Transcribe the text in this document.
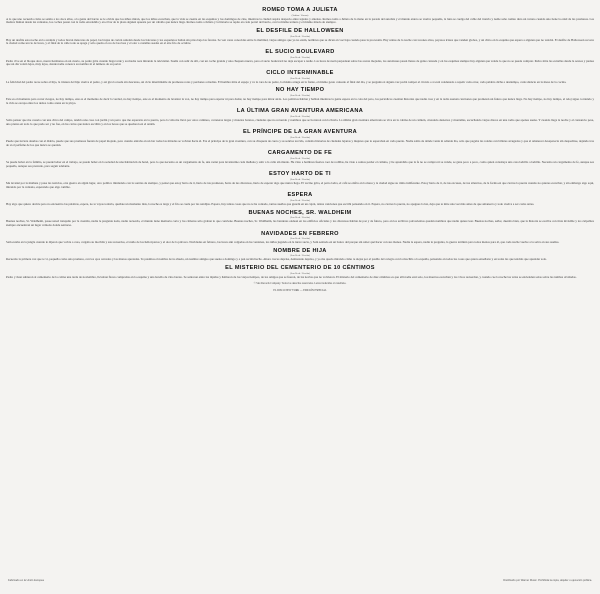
ROMEO TOMA A JULIETA
(Sabina / Varona)
A lo que uno recuerda cómo se sentía a los doce años, a la gente del barrio se le olvida que los niños miran, que los niños escuchan, que la vida se cuenta en las esquinas y los domingos de cine, mientras la ciudad respira despacio entre tejados y antenas. Romeo toma a Julieta de la mano en la parada del autobús y el mundo entero se vuelve pequeño, la luna se cuelga del cable del tranvía y nadie sabe cuánto dura un verano cuando uno tiene la edad de las promesas. Las madres llaman desde las ventanas, los coches pasan con la radio encendida y en el bar de la plaza alguien apuesta por un caballo que nunca llega. Romeo toma a Julieta y la historia se repite en cada portal del barrio, con la misma ternura y el mismo miedo de siempre.
EL DESFILE DE HALLOWEEN
(Lou Reed / Versión)
Hay un desfile esta noche en la avenida y todos llevan máscaras de papel, las brujas de cartón saludan desde los balcones y los esqueletos bailan sin prisa bajo las farolas. Se ven caras conocidas entre la multitud, viejos amigos que ya no están, nombres que se dicen en voz baja cuando pasa la procesión. Hay reinas de la noche con tacones altos, payasos tristes que venden globos, y un chico en la esquina que espera a alguien que no vendrá. El desfile de Halloween recorre la ciudad como un río de luces, y al final de la calle todo se apaga y sólo queda el eco de las risas y el olor a castañas asadas en el aire frío de octubre.
EL SUCIO BOULEVARD
(Lou Reed / Versión)
Pedro vive en el bloque doce, nueve hermanos en un cuarto, su padre grita cuando llega tarde y su madre reza mirando la televisión. Sueña con salir de allí, con un coche grande y una chaqueta nueva, pero el sucio boulevard no deja escapar a nadie. Las luces de neón parpadean sobre las aceras mojadas, los autobuses pasan llenos de gente cansada y en las esquinas siempre hay alguien que vende lo que no se puede comprar. Pedro mira las estrellas desde la azotea y piensa que un día volará lejos, muy lejos, donde nadie conozca su nombre ni el número de su portal.
CICLO INTERMINABLE
(Lou Reed / Versión)
La felicidad del padre recae sobre el hijo, la tristeza del hijo vuelve al padre, y así gira la rueda sin descanso, un ciclo interminable de promesas rotas y perdones a medias. El hombre mira el espejo y ve la cara de su padre, la misma arruga en la frente, el mismo gesto cansado al final del día, y se pregunta si alguna vez podrá romper el círculo o si está condenado a repetir cada error, cada palabra dicha a destiempo, cada silencio en la mesa de la cocina.
NO HAY TIEMPO
(Lou Reed / Versión)
Este es el momento para correr riesgos, no hay tiempo, este es el momento de decir la verdad, no hay tiempo, este es el momento de levantar la voz, no hay tiempo para esperar ni para dudar, no hay tiempo para mirar atrás. Los políticos hablan y hablan mientras la gente espera en la cola del paro, los periódicos cuentan historias que nadie cree y en la radio suenan canciones que prometen un futuro que nunca llega. No hay tiempo, no hay tiempo, el reloj sigue corriendo y la vida se escapa entre los dedos como arena en la playa.
LA ÚLTIMA GRAN AVENTURA AMERICANA
(Lou Reed / Versión)
Solía pensar que me casaría con una chica del campo, tendría una casa con jardín y un perro que me esperaría en la puerta, pero la vida me llevó por otros caminos, carreteras largas y moteles baratos, ciudades que no recuerdo y nombres que se borraron con la lluvia. La última gran aventura americana se vive en la cabina de un camión, cruzando desiertos y montañas, escuchando viejos discos en una radio que apenas suena. Y cuando llega la noche y el cansancio pesa, uno piensa en todo lo que pudo ser y no fue, en las cartas que nunca escribió y en los besos que se quedaron en el andén.
EL PRÍNCIPE DE LA GRAN AVENTURA
(Lou Reed / Versión)
Puede que tuviera deudas con el diablo, puede que sus promesas fueran de papel mojado, pero cuando entraba en un bar todas las miradas se volvían hacia él. Era el príncipe de la gran aventura, con su chaqueta de cuero y su sonrisa torcida, contaba historias de ciudades lejanas y mujeres que lo esperaban en cada puerto. Nadie sabía de dónde venía ni adónde iba, sólo que pagaba las rondas con billetes arrugados y que al amanecer desaparecía sin despedirse, dejando tras de sí el perfume de los que nunca se quedan.
CARGAMENTO DE FE
(Lou Reed / Versión)
Se puede beber en la familia, se puede beber en el trabajo, se puede beber en la soledad de una habitación de hotel, pero lo que necesito es un cargamento de fe, una razón para levantarme cada mañana y salir a la calle sin miedo. He visto a hombres fuertes caer de rodillas, he visto a santos perder el camino, y he aprendido que la fe no se compra ni se vende, se gana poco a poco, como quien construye una casa ladrillo a ladrillo. Necesito un cargamento de fe, aunque sea pequeño, aunque sea prestado, para seguir adelante.
ESTOY HARTO DE TI
(Lou Reed / Versión)
Me levanté por la mañana y puse las noticias, otra guerra en algún lugar, otro político mintiendo con la sonrisa de siempre, y pensé que estoy harto de ti, harto de tus promesas, harto de tus discursos, harto de esperar algo que nunca llega. El vecino grita, el perro ladra, el café se enfría en la mesa y la ciudad sigue su ritmo indiferente. Estoy harto de ti, de tus excusas, de tus silencios, de la forma en que cierras la puerta cuando no quieres escuchar, y sin embargo sigo aquí, mirando por la ventana, esperando que algo cambie.
ESPERA
(Lou Reed / Versión)
Hay algo que quiero decirte pero no encuentro las palabras, espera, no te vayas todavía, quédate un momento más, la noche es larga y el frío se cuela por las rendijas. Espera, hay tantas cosas que no te he contado, tantos sueños que guardé en un cajón, tantas canciones que escribí pensando en ti. Espera, no cierres la puerta, no apagues la luz, deja que te mire una vez más antes de que amanezca y todo vuelva a ser como antes.
BUENAS NOCHES, SR. WALDHEIM
(Lou Reed / Versión)
Buenas noches, Sr. Waldheim, pasee usted tranquilo por la avenida, nadie le pregunta nada, nadie recuerda, el mundo tiene memoria corta y las cámaras sólo graban lo que conviene. Buenas noches, Sr. Waldheim, las banderas ondean en los edificios oficiales y los discursos hablan de paz y de futuro, pero en los archivos polvorientos quedan nombres que nadie quiere leer. Buenas noches, señor, duerma bien, que la historia se escribe con tinta invisible y los culpables siempre encuentran un lugar cómodo donde sentarse.
NAVIDADES EN FEBRERO
(Lou Reed / Versión)
Sam estaba en la jungla cuando le dijeron que volvía a casa, cargaba su mochila y sus recuerdos, el ruido de los helicópteros y el olor de la pólvora. Navidades en febrero, las luces aún colgadas en las ventanas, los niños jugando en la nieve sucia, y Sam sentado en un banco del parque sin saber qué hacer con sus manos. Nadie le espera, nadie le pregunta, la guerra terminó para todos menos para él, que cada noche vuelve a la selva en sus sueños.
NOMBRE DE HIJA
(Lou Reed / Versión)
Recuerdo la primera vez que te vi, pequeña como una promesa, con los ojos cerrados y las manos apretadas. Te pusimos el nombre de tu abuela, un nombre antiguo que suena a domingo y a pan recién hecho. Ahora creces deprisa, demasiado deprisa, y yo me quedo mirando cómo te alejas por el pasillo del colegio con la mochila a la espalda, pensando en todas las cosas que quiero enseñarte y en todas las que tendrás que aprender sola.
EL MISTERIO DEL CEMENTERIO DE 10 CÉNTIMOS
(Lou Reed / Versión)
Pedro y Juan subieron al cementerio de la colina una tarde de noviembre, llevaban flores compradas en la esquina y una botella de vino barato. Se sentaron entre las lápidas y hablaron de los viejos tiempos, de los amigos que se fueron, de las novias que no volvieron. El misterio del cementerio de diez céntimos es que allí nadie está solo, los muertos escuchan y los vivos recuerdan, y cuando cae la noche las velas se encienden solas sobre las tumbas olvidadas.
© Sire Records Company. Todos los derechos reservados. Letras traducidas al castellano.
EL DISCO NEW YORK — EDICIÓN ESPECIAL
Fabricado en la Unión Europea	Distribuido por Warner Music. Prohibida la copia, alquiler o ejecución pública.
